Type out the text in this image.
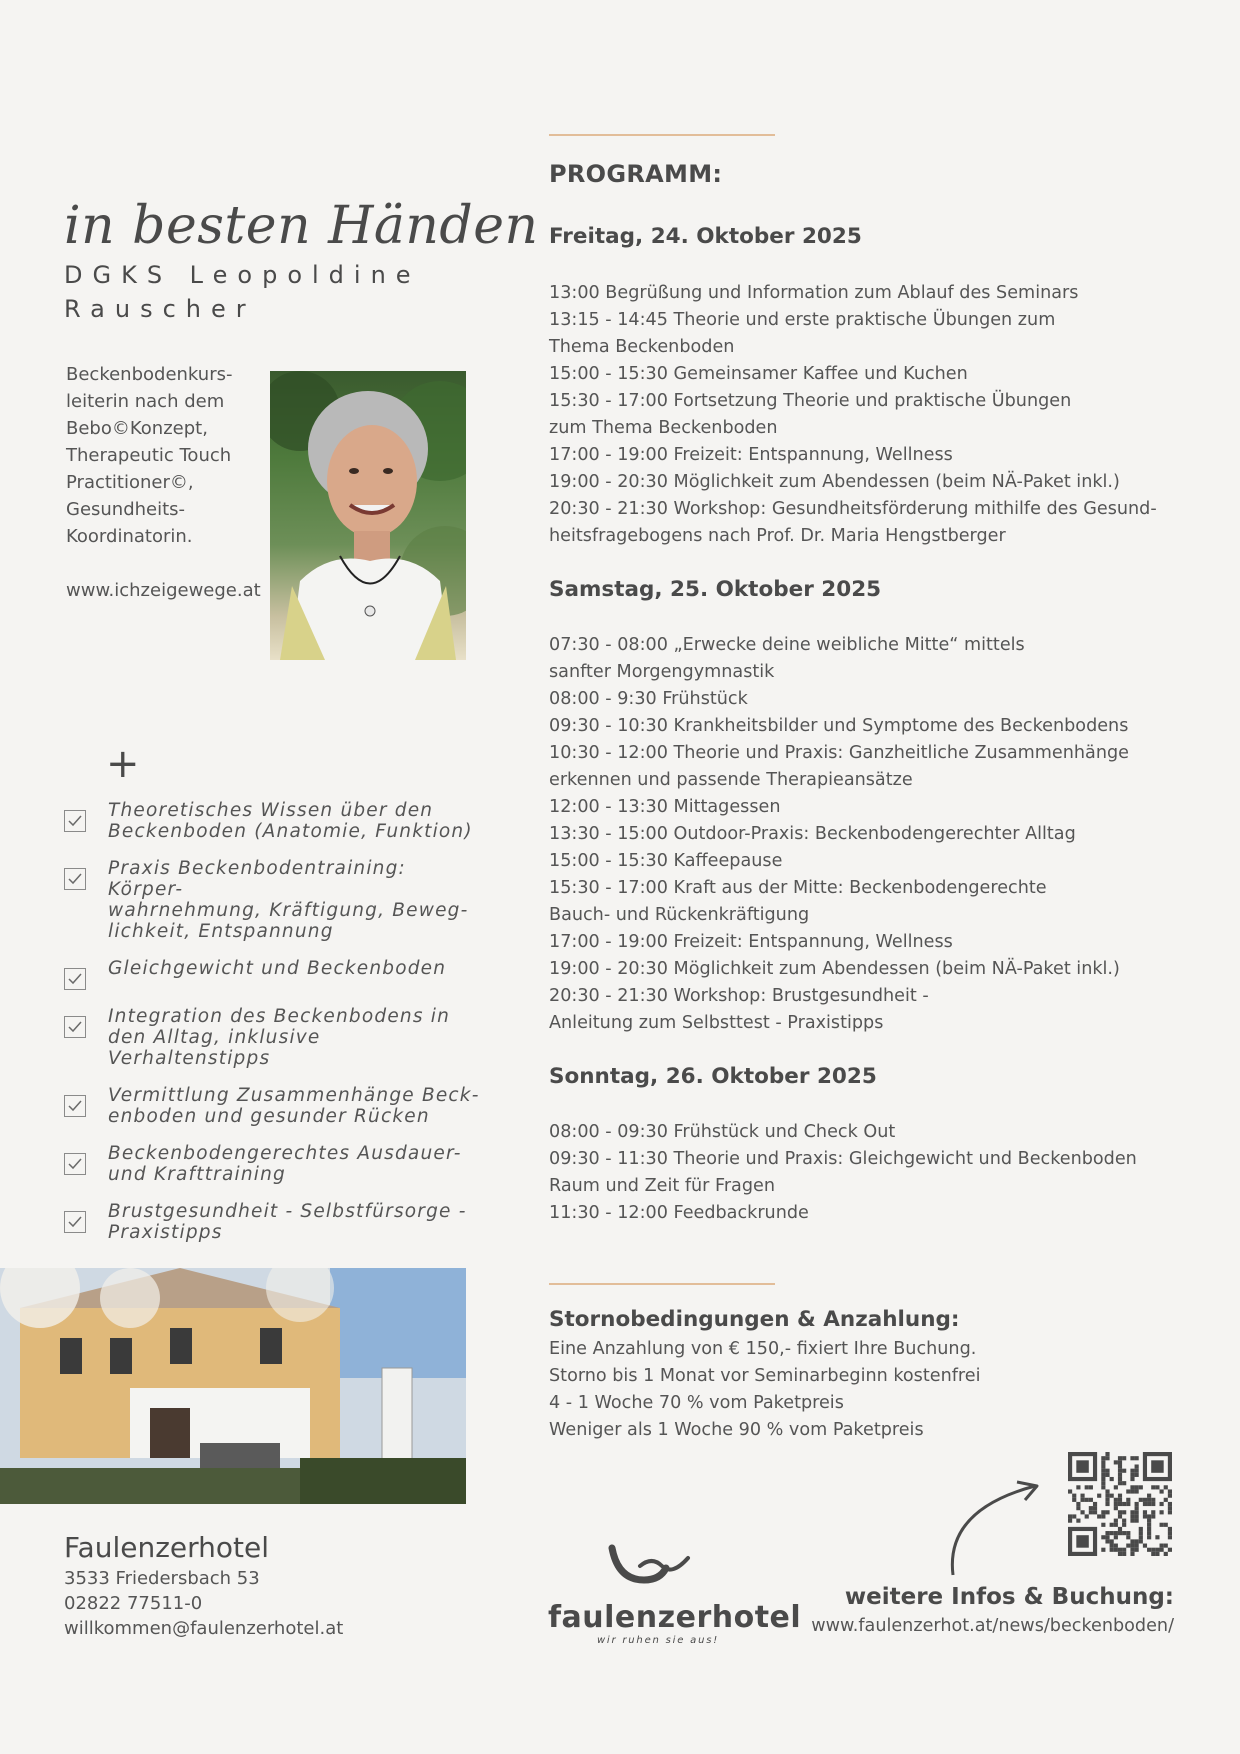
in besten Händen
DGKS Leopoldine
Rauscher
Beckenbodenkurs-
leiterin nach dem
Bebo©Konzept,
Therapeutic Touch
Practitioner©,
Gesundheits-
Koordinatorin.
www.ichzeigewege.at
+
Theoretisches Wissen über den
Beckenboden (Anatomie, Funktion)
Praxis Beckenbodentraining: Körper-
wahrnehmung, Kräftigung, Beweg-
lichkeit, Entspannung
Gleichgewicht und Beckenboden
Integration des Beckenbodens in
den Alltag, inklusive Verhaltenstipps
Vermittlung Zusammenhänge Beck-
enboden und gesunder Rücken
Beckenbodengerechtes Ausdauer-
und Krafttraining
Brustgesundheit - Selbstfürsorge -
Praxistipps
Faulenzerhotel
3533 Friedersbach 53
02822 77511-0
willkommen@faulenzerhotel.at
PROGRAMM:
Freitag, 24. Oktober 2025
13:00 Begrüßung und Information zum Ablauf des Seminars
13:15 - 14:45 Theorie und erste praktische Übungen zum
Thema Beckenboden
15:00 - 15:30 Gemeinsamer Kaffee und Kuchen
15:30 - 17:00 Fortsetzung Theorie und praktische Übungen
zum Thema Beckenboden
17:00 - 19:00 Freizeit: Entspannung, Wellness
19:00 - 20:30 Möglichkeit zum Abendessen (beim NÄ-Paket inkl.)
20:30 - 21:30 Workshop: Gesundheitsförderung mithilfe des Gesund-
heitsfragebogens nach Prof. Dr. Maria Hengstberger
Samstag, 25. Oktober 2025
07:30 - 08:00 „Erwecke deine weibliche Mitte“ mittels
sanfter Morgengymnastik
08:00 - 9:30 Frühstück
09:30 - 10:30 Krankheitsbilder und Symptome des Beckenbodens
10:30 - 12:00 Theorie und Praxis: Ganzheitliche Zusammenhänge
erkennen und passende Therapieansätze
12:00 - 13:30 Mittagessen
13:30 - 15:00 Outdoor-Praxis: Beckenbodengerechter Alltag
15:00 - 15:30 Kaffeepause
15:30 - 17:00 Kraft aus der Mitte: Beckenbodengerechte
Bauch- und Rückenkräftigung
17:00 - 19:00 Freizeit: Entspannung, Wellness
19:00 - 20:30 Möglichkeit zum Abendessen (beim NÄ-Paket inkl.)
20:30 - 21:30 Workshop: Brustgesundheit -
Anleitung zum Selbsttest - Praxistipps
Sonntag, 26. Oktober 2025
08:00 - 09:30 Frühstück und Check Out
09:30 - 11:30 Theorie und Praxis: Gleichgewicht und Beckenboden
Raum und Zeit für Fragen
11:30 - 12:00 Feedbackrunde
Stornobedingungen & Anzahlung:
Eine Anzahlung von € 150,- fixiert Ihre Buchung.
Storno bis 1 Monat vor Seminarbeginn kostenfrei
4 - 1 Woche 70 % vom Paketpreis
Weniger als 1 Woche 90 % vom Paketpreis
faulenzerhotel
wir ruhen sie aus!
weitere Infos & Buchung:
www.faulenzerhot.at/news/beckenboden/
